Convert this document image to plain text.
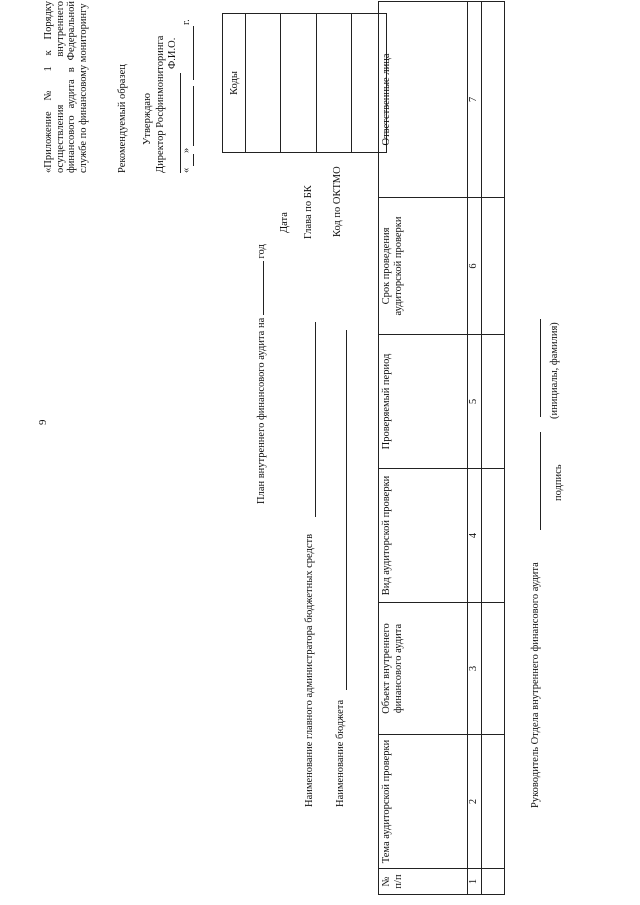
9
«Приложение № 1 к Порядку осуществления внутреннего финансового аудита в Федеральной службе по финансовому мониторингу	Рекомендуемый образец Утверждаю Директор Росфинмониторинга Ф.И.О.
«
»
г.
Дата Глава по БК Код по ОКТМО
Коды

План внутреннего финансового аудита на  год
Наименование главного администратора бюджетных средств Наименование бюджета
№ п/п	Тема аудиторской проверки	Объект внутреннего финансового аудита	Вид аудиторской проверки	Проверяемый период	Срок проведения аудиторской проверки	Ответственные лица
1	2	3	4	5	6	7

Руководитель Отдела внутреннего финансового аудита
подпись
(инициалы, фамилия)
